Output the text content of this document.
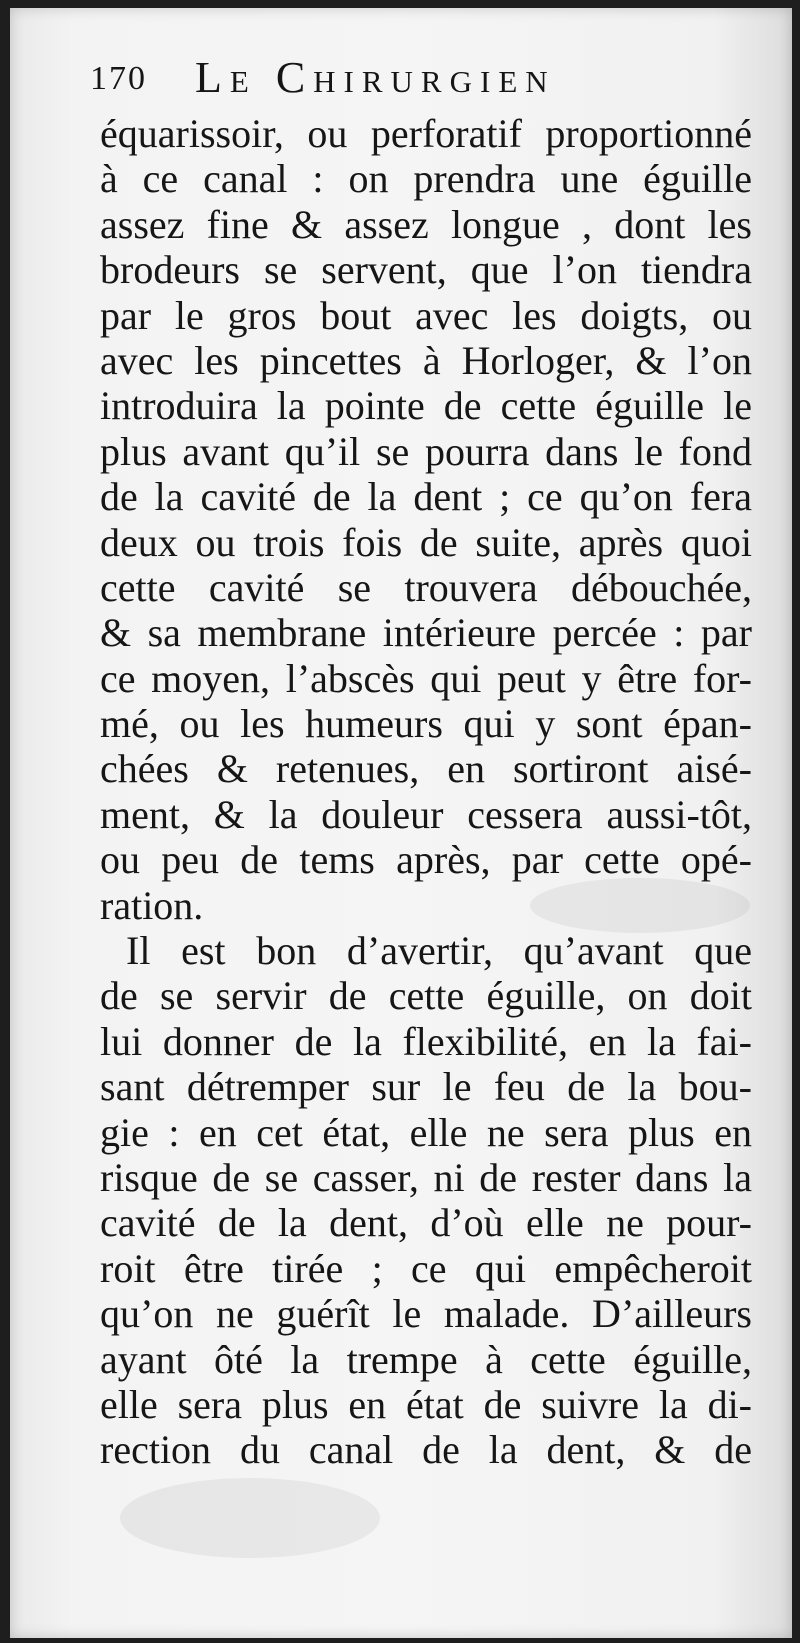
170 Le Chirurgien
équarissoir, ou perforatif proportionné
à ce canal : on prendra une éguille
assez fine & assez longue , dont les
brodeurs se servent, que l’on tiendra
par le gros bout avec les doigts, ou
avec les pincettes à Horloger, & l’on
introduira la pointe de cette éguille le
plus avant qu’il se pourra dans le fond
de la cavité de la dent ; ce qu’on fera
deux ou trois fois de suite, après quoi
cette cavité se trouvera débouchée,
& sa membrane intérieure percée : par
ce moyen, l’abscès qui peut y être for-
mé, ou les humeurs qui y sont épan-
chées & retenues, en sortiront aisé-
ment, & la douleur cessera aussi-tôt,
ou peu de tems après, par cette opé-
ration.
Il est bon d’avertir, qu’avant que
de se servir de cette éguille, on doit
lui donner de la flexibilité, en la fai-
sant détremper sur le feu de la bou-
gie : en cet état, elle ne sera plus en
risque de se casser, ni de rester dans la
cavité de la dent, d’où elle ne pour-
roit être tirée ; ce qui empêcheroit
qu’on ne guérît le malade. D’ailleurs
ayant ôté la trempe à cette éguille,
elle sera plus en état de suivre la di-
rection du canal de la dent, & de
